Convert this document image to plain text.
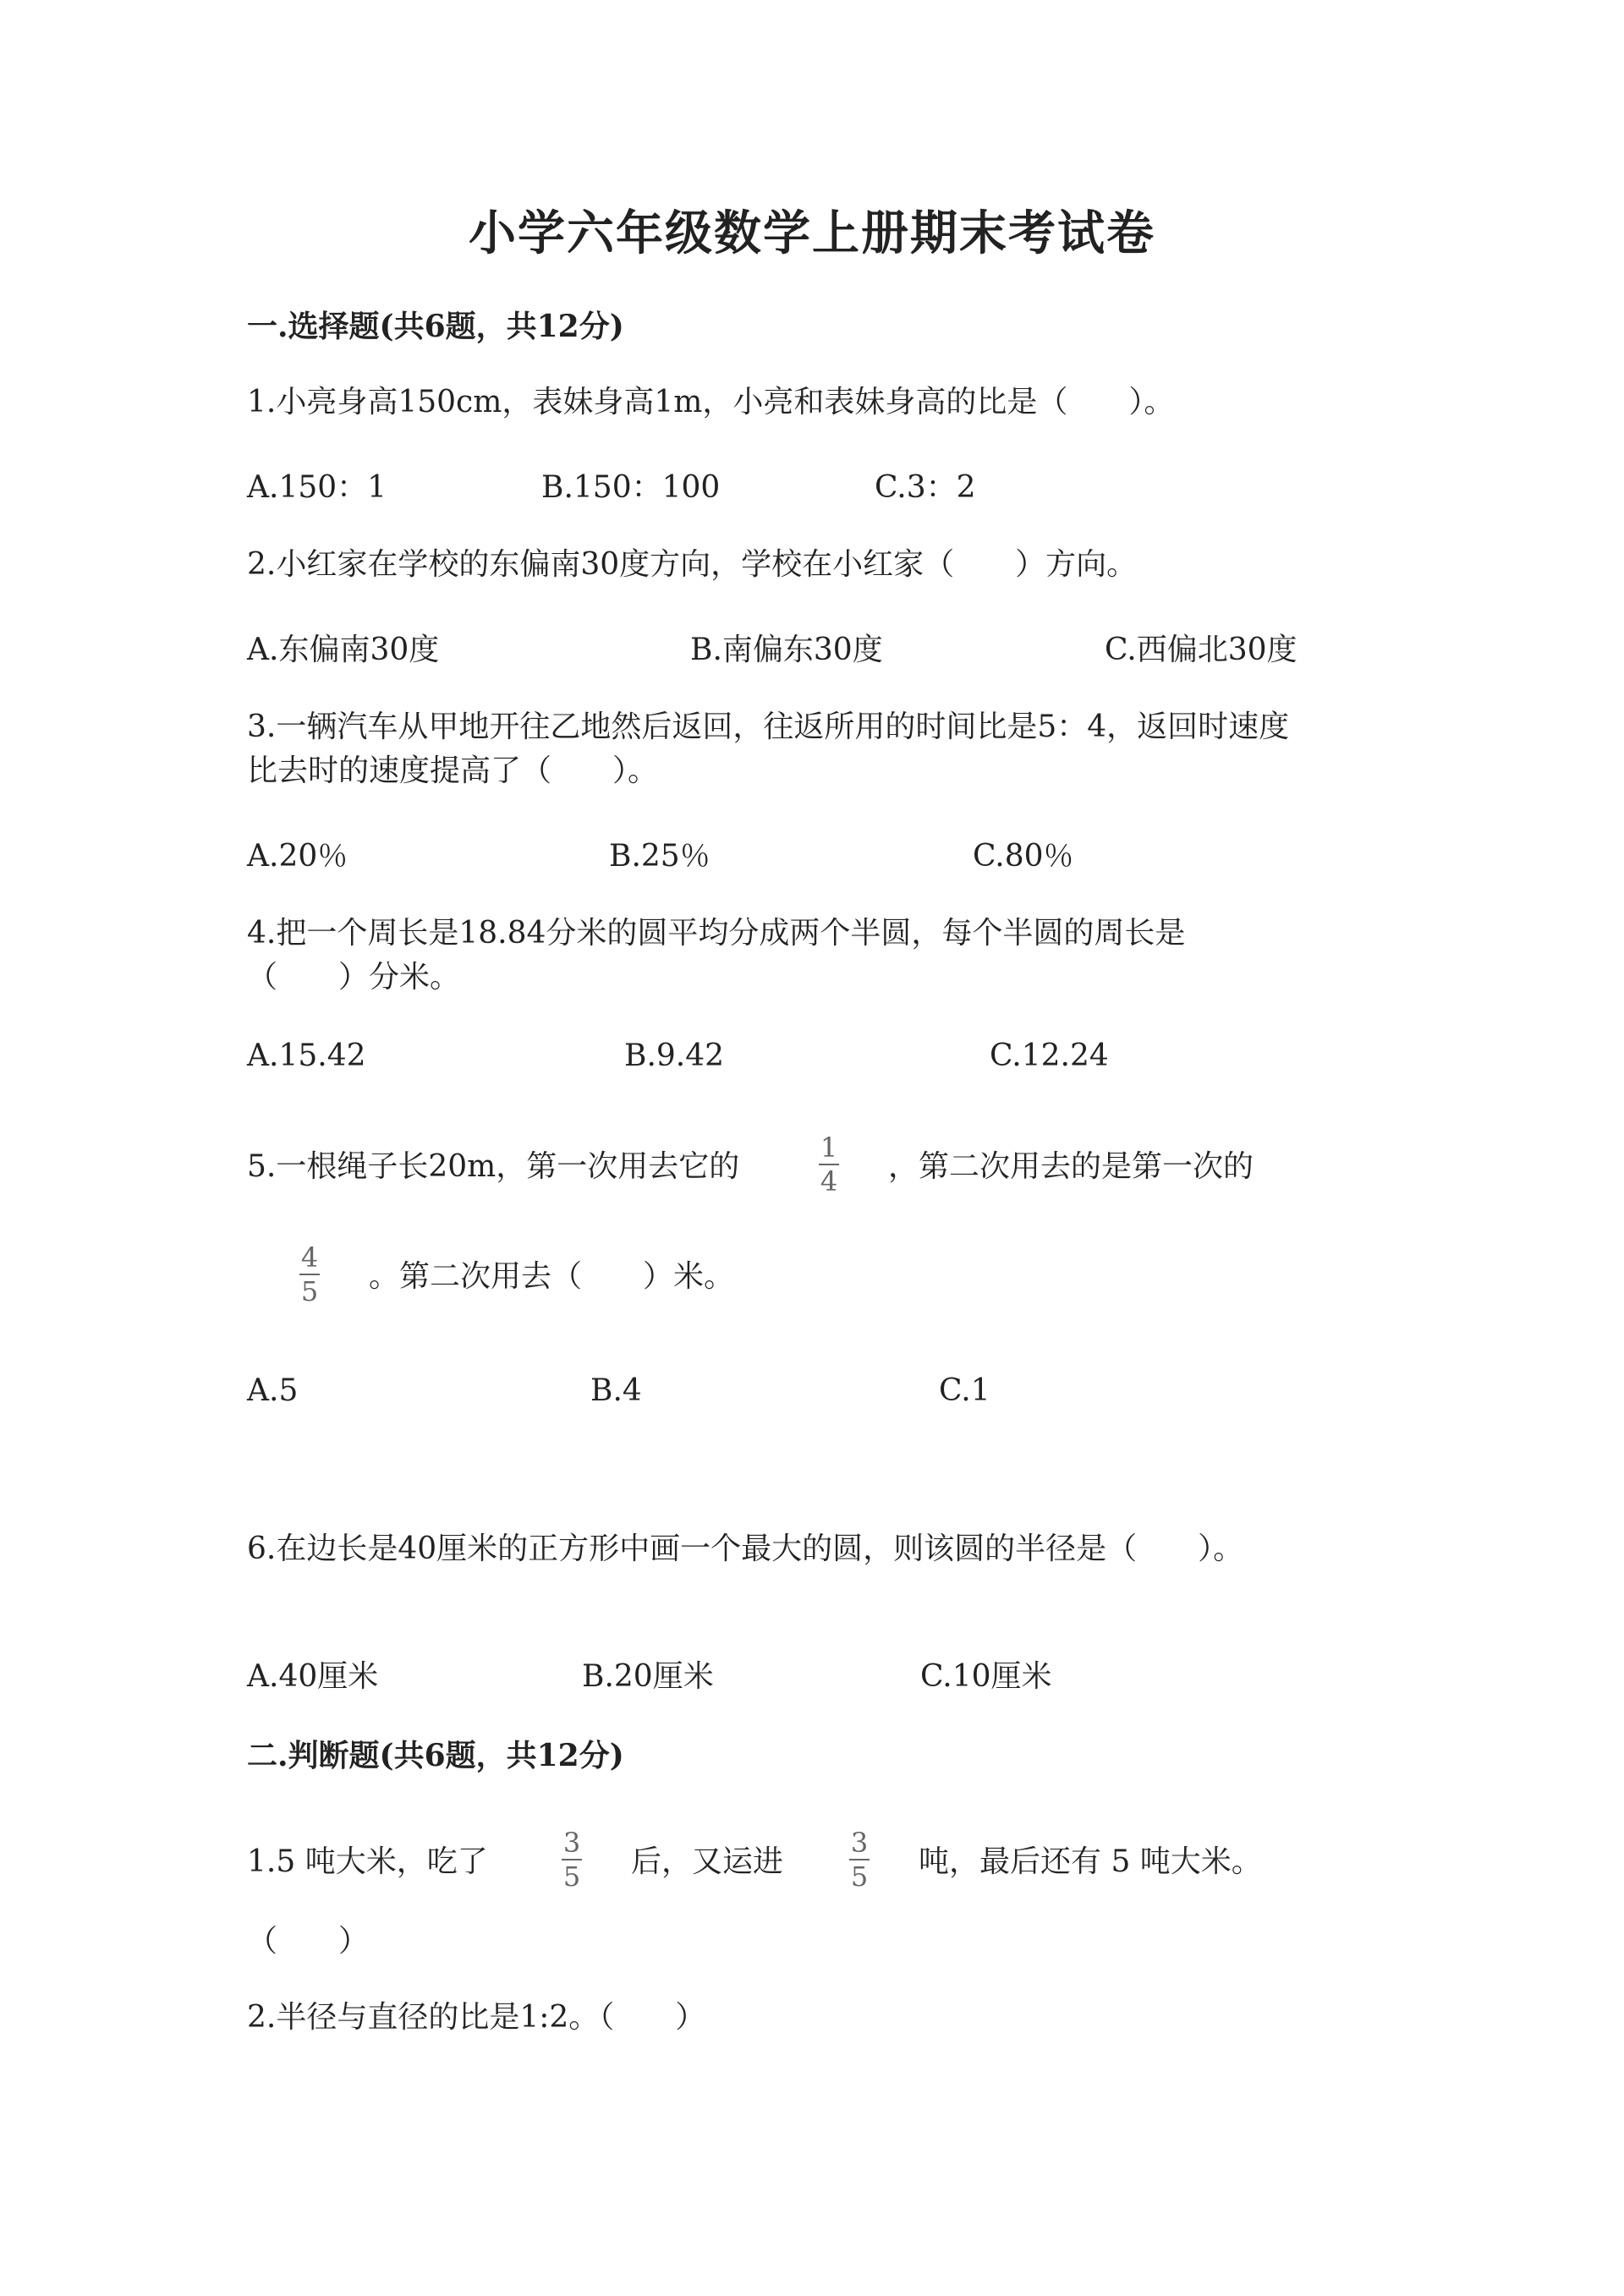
小学六年级数学上册期末考试卷
一.选择题(共6题，共12分)
1.小亮身高150cm，表妹身高1m，小亮和表妹身高的比是（　　）。
A.150：1	B.150：100	C.3：2
2.小红家在学校的东偏南30度方向，学校在小红家（　　）方向。
A.东偏南30度	B.南偏东30度	C.西偏北30度
3.一辆汽车从甲地开往乙地然后返回，往返所用的时间比是5：4，返回时速度
比去时的速度提高了（　　）。
A.20％	B.25％	C.80％
4.把一个周长是18.84分米的圆平均分成两个半圆，每个半圆的周长是
（　　）分米。
A.15.42	B.9.42	C.12.24
5.一根绳子长20m，第一次用去它的
1
4 ，第二次用去的是第一次的
4
5 。第二次用去（　　）米。
A.5	B.4	C.1
6.在边长是40厘米的正方形中画一个最大的圆，则该圆的半径是（　　）。
A.40厘米	B.20厘米	C.10厘米
二.判断题(共6题，共12分)
1.5 吨大米，吃了
3
5 后，又运进
3
5 吨，最后还有 5 吨大米。
（　　）
2.半径与直径的比是1:2。（　　）
